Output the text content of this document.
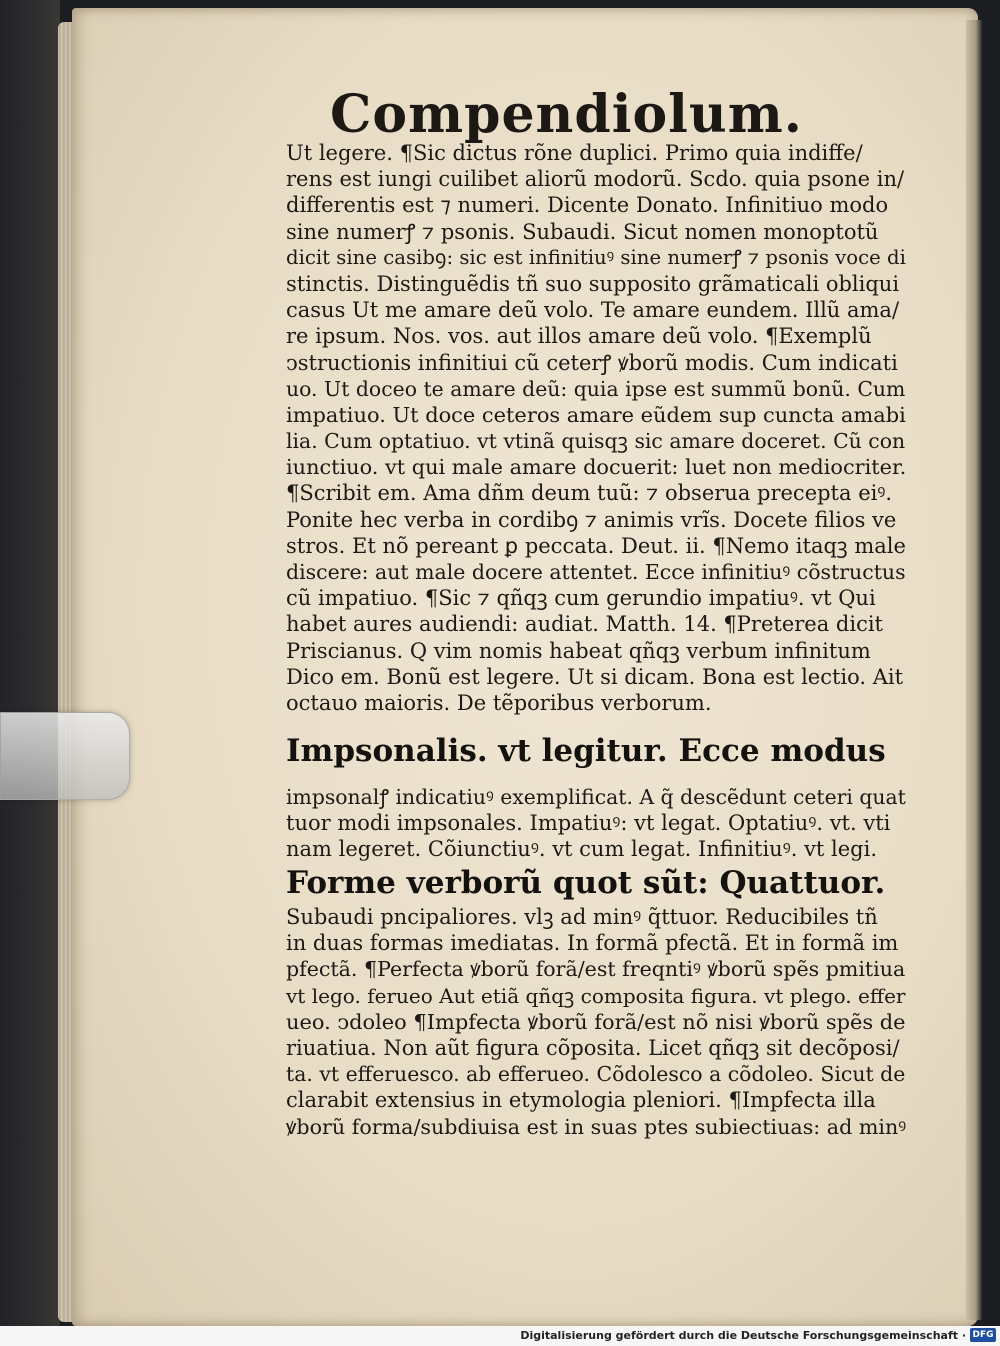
Compendiolum.
Ut legere. ¶Sic dictus rõne duplici. Primo quia indiffe/
rens est iungi cuilibet aliorũ modorũ. Scdo. quia psone in/
differentis est ⁊ numeri. Dicente Donato. Infinitiuo modo
sine numerꝭ ⁊ psonis. Subaudi. Sicut nomen monoptotũ
dicit sine casibꝯ: sic est infinitiuꝰ sine numerꝭ ⁊ psonis voce di
stinctis. Distinguẽdis tñ suo supposito grãmaticali obliqui
casus Ut me amare deũ volo. Te amare eundem. Illũ ama/
re ipsum. Nos. vos. aut illos amare deũ volo. ¶Exemplũ
ↄstructionis infinitiui cũ ceterꝭ ꝟborũ modis. Cum indicati
uo. Ut doceo te amare deũ: quia ipse est summũ bonũ. Cum
impatiuo. Ut doce ceteros amare eũdem sup cuncta amabi
lia. Cum optatiuo. vt vtinã quisqꝫ sic amare doceret. Cũ con
iunctiuo. vt qui male amare docuerit: luet non mediocriter.
¶Scribit em. Ama dñm deum tuũ: ⁊ obserua precepta eiꝰ.
Ponite hec verba in cordibꝯ ⁊ animis vrĩs. Docete filios ve
stros. Et nõ pereant ꝑ peccata. Deut. ii. ¶Nemo itaqꝫ male
discere: aut male docere attentet. Ecce infinitiuꝰ cõstructus
cũ impatiuo. ¶Sic ⁊ qñqꝫ cum gerundio impatiuꝰ. vt Qui
habet aures audiendi: audiat. Matth. 14. ¶Preterea dicit
Priscianus. Q vim nomis habeat qñqꝫ verbum infinitum
Dico em. Bonũ est legere. Ut si dicam. Bona est lectio. Ait
octauo maioris. De tẽporibus verborum.
Impsonalis. vt legitur. Ecce modus
impsonalꝭ indicatiuꝰ exemplificat. A q̃ descẽdunt ceteri quat
tuor modi impsonales. Impatiuꝰ: vt legat. Optatiuꝰ. vt. vti
nam legeret. Cõiunctiuꝰ. vt cum legat. Infinitiuꝰ. vt legi.
Forme verborũ quot sũt: Quattuor.
Subaudi pncipaliores. vlꝫ ad minꝰ q̃ttuor. Reducibiles tñ
in duas formas imediatas. In formã pfectã. Et in formã im
pfectã. ¶Perfecta ꝟborũ forã/est freqntiꝰ ꝟborũ spẽs pmitiua
vt lego. ferueo Aut etiã qñqꝫ composita figura. vt plego. effer
ueo. ↄdoleo ¶Impfecta ꝟborũ forã/est nõ nisi ꝟborũ spẽs de
riuatiua. Non aũt figura cõposita. Licet qñqꝫ sit decõposi/
ta. vt efferuesco. ab efferueo. Cõdolesco a cõdoleo. Sicut de
clarabit extensius in etymologia pleniori. ¶Impfecta illa
ꝟborũ forma/subdiuisa est in suas ptes subiectiuas: ad minꝰ
Digitalisierung gefördert durch die Deutsche Forschungsgemeinschaft · DFG
